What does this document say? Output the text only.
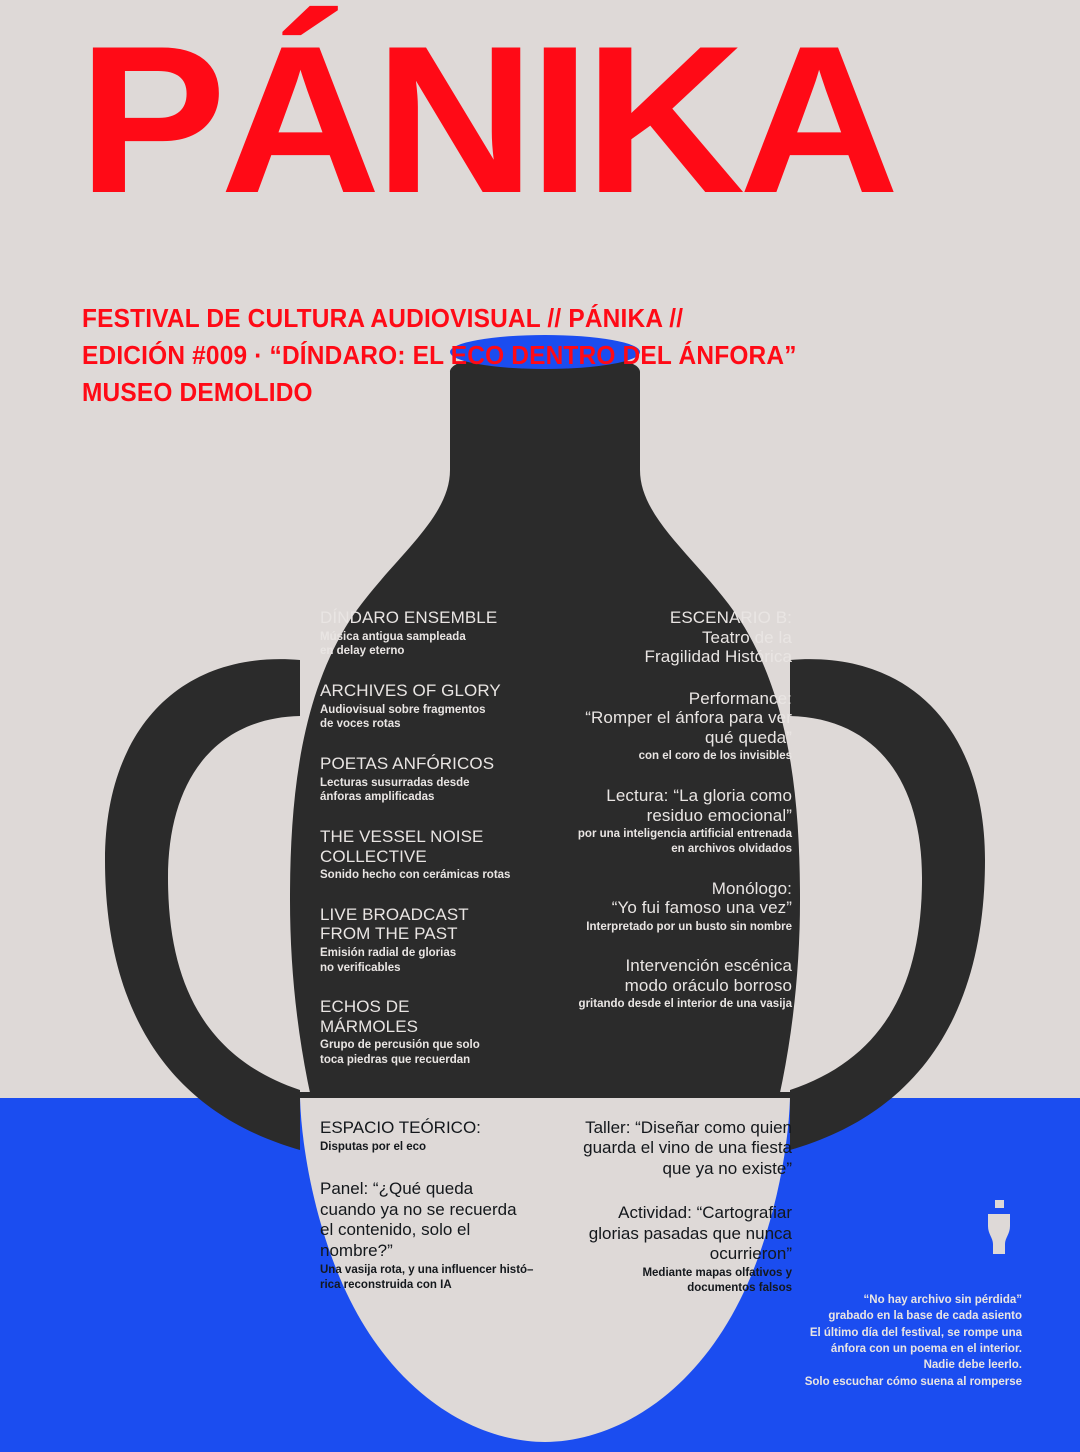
PÁNIKA
FESTIVAL DE CULTURA AUDIOVISUAL // PÁNIKA //
EDICIÓN #009 · “DÍNDARO: EL ECO DENTRO DEL ÁNFORA”
MUSEO DEMOLIDO
DÍNDARO ENSEMBLE
Música antigua sampleada
en delay eterno
ARCHIVES OF GLORY
Audiovisual sobre fragmentos
de voces rotas
POETAS ANFÓRICOS
Lecturas susurradas desde
ánforas amplificadas
THE VESSEL NOISE
COLLECTIVE
Sonido hecho con cerámicas rotas
LIVE BROADCAST
FROM THE PAST
Emisión radial de glorias
no verificables
ECHOS DE
MÁRMOLES
Grupo de percusión que solo
toca piedras que recuerdan
ESCENARIO B:
Teatro de la
Fragilidad Histórica
Performance:
“Romper el ánfora para ver
qué queda”
con el coro de los invisibles
Lectura: “La gloria como
residuo emocional”
por una inteligencia artificial entrenada
en archivos olvidados
Monólogo:
“Yo fui famoso una vez”
Interpretado por un busto sin nombre
Intervención escénica
modo oráculo borroso
gritando desde el interior de una vasija
ESPACIO TEÓRICO:
Disputas por el eco
Panel: “¿Qué queda
cuando ya no se recuerda
el contenido, solo el
nombre?”
Una vasija rota, y una influencer histó–
rica reconstruida con IA
Taller: “Diseñar como quien
guarda el vino de una fiesta
que ya no existe”
Actividad: “Cartografiar
glorias pasadas que nunca
ocurrieron”
Mediante mapas olfativos y
documentos falsos
“No hay archivo sin pérdida”
grabado en la base de cada asiento
El último día del festival, se rompe una
ánfora con un poema en el interior.
Nadie debe leerlo.
Solo escuchar cómo suena al romperse
